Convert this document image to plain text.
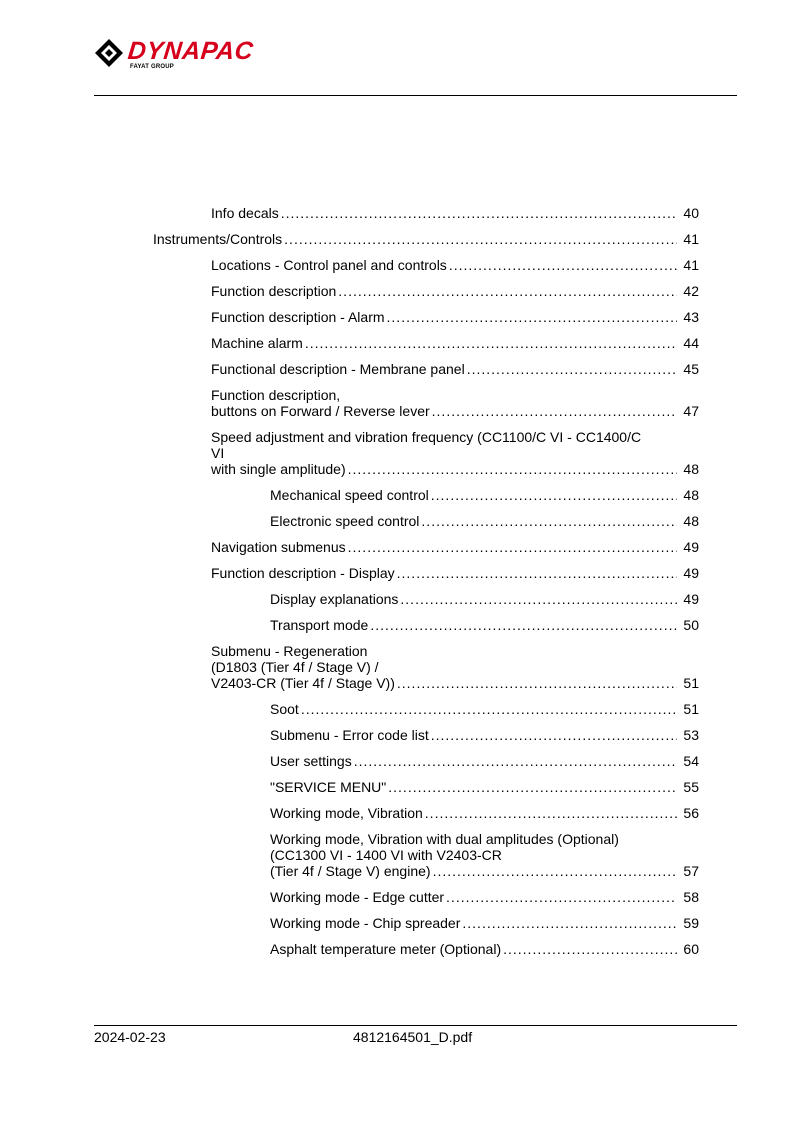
DYNAPAC
FAYAT GROUP
Info decals .....	40
Instruments/Controls .....	41
Locations - Control panel and controls .....	41
Function description .....	42
Function description - Alarm .....	43
Machine alarm .....	44
Functional description - Membrane panel .....	45
Function description,
buttons on Forward / Reverse lever .....	47
Speed adjustment and vibration frequency (CC1100/C VI - CC1400/C
VI
with single amplitude) .....	48
Mechanical speed control .....	48
Electronic speed control .....	48
Navigation submenus .....	49
Function description - Display .....	49
Display explanations .....	49
Transport mode .....	50
Submenu - Regeneration
(D1803 (Tier 4f / Stage V) /
V2403-CR (Tier 4f / Stage V)) .....	51
Soot .....	51
Submenu - Error code list .....	53
User settings .....	54
"SERVICE MENU" .....	55
Working mode, Vibration .....	56
Working mode, Vibration with dual amplitudes (Optional)
(CC1300 VI - 1400 VI with V2403-CR
(Tier 4f / Stage V) engine) .....	57
Working mode - Edge cutter .....	58
Working mode - Chip spreader .....	59
Asphalt temperature meter (Optional) .....	60
2024-02-23	4812164501_D.pdf
